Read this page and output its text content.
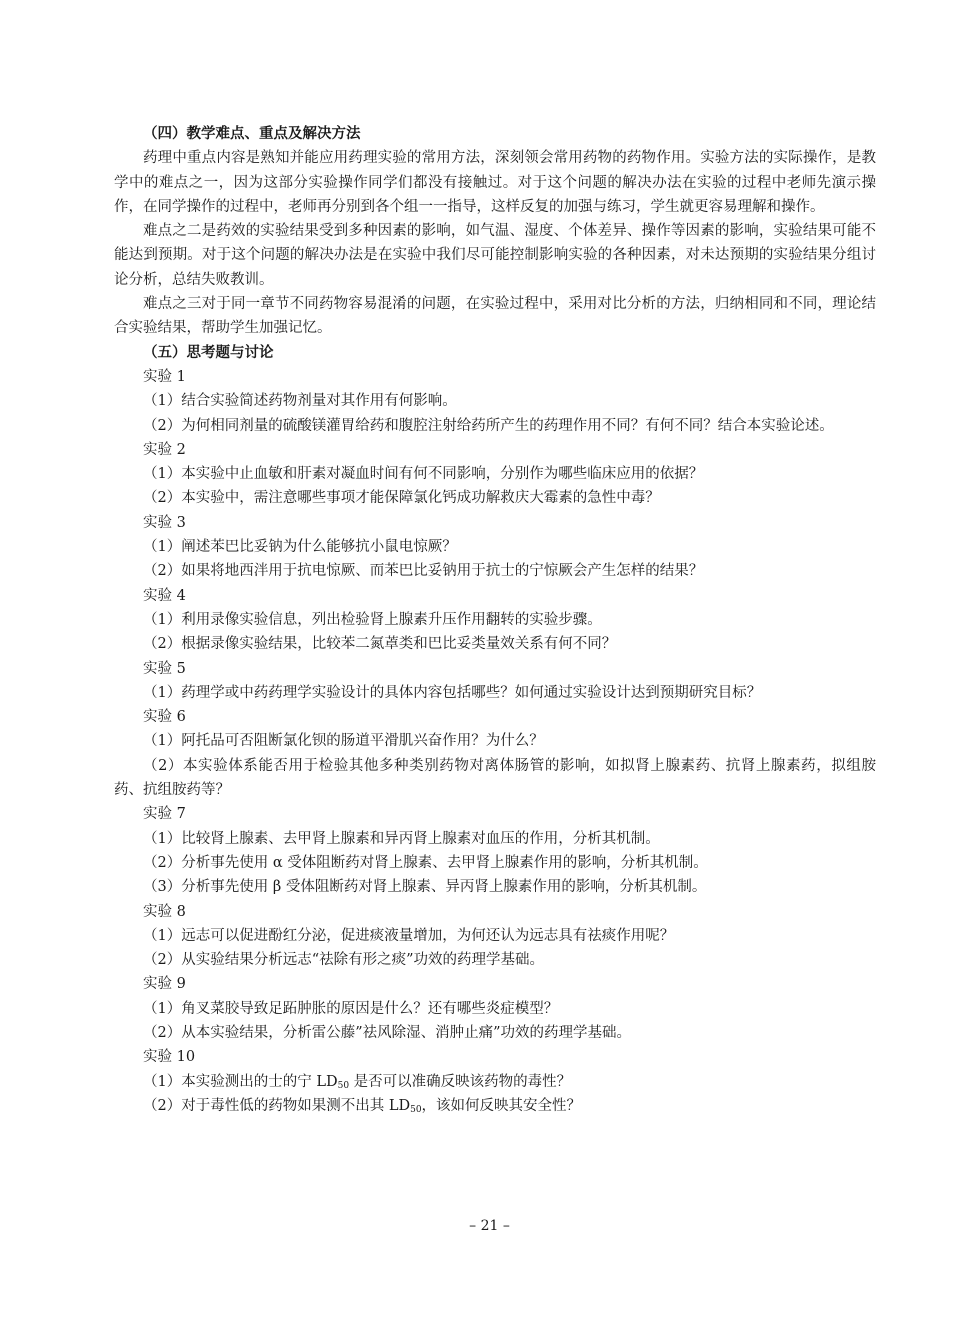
（四）教学难点、重点及解决方法

药理中重点内容是熟知并能应用药理实验的常用方法，深刻领会常用药物的药物作用。实验方法的实际操作，是教学中的难点之一，因为这部分实验操作同学们都没有接触过。对于这个问题的解决办法在实验的过程中老师先演示操作，在同学操作的过程中，老师再分别到各个组一一指导，这样反复的加强与练习，学生就更容易理解和操作。

难点之二是药效的实验结果受到多种因素的影响，如气温、湿度、个体差异、操作等因素的影响，实验结果可能不能达到预期。对于这个问题的解决办法是在实验中我们尽可能控制影响实验的各种因素，对未达预期的实验结果分组讨论分析，总结失败教训。

难点之三对于同一章节不同药物容易混淆的问题，在实验过程中，采用对比分析的方法，归纳相同和不同，理论结合实验结果，帮助学生加强记忆。

（五）思考题与讨论

实验 1

（1）结合实验简述药物剂量对其作用有何影响。

（2）为何相同剂量的硫酸镁灌胃给药和腹腔注射给药所产生的药理作用不同？有何不同？结合本实验论述。

实验 2

（1）本实验中止血敏和肝素对凝血时间有何不同影响，分别作为哪些临床应用的依据？

（2）本实验中，需注意哪些事项才能保障氯化钙成功解救庆大霉素的急性中毒？

实验 3

（1）阐述苯巴比妥钠为什么能够抗小鼠电惊厥？

（2）如果将地西泮用于抗电惊厥、而苯巴比妥钠用于抗士的宁惊厥会产生怎样的结果？

实验 4

（1）利用录像实验信息，列出检验肾上腺素升压作用翻转的实验步骤。

（2）根据录像实验结果，比较苯二氮䓬类和巴比妥类量效关系有何不同？

实验 5

（1）药理学或中药药理学实验设计的具体内容包括哪些？如何通过实验设计达到预期研究目标？

实验 6

（1）阿托品可否阻断氯化钡的肠道平滑肌兴奋作用？为什么？

（2）本实验体系能否用于检验其他多种类别药物对离体肠管的影响，如拟肾上腺素药、抗肾上腺素药，拟组胺药、抗组胺药等？

实验 7

（1）比较肾上腺素、去甲肾上腺素和异丙肾上腺素对血压的作用，分析其机制。

（2）分析事先使用 α 受体阻断药对肾上腺素、去甲肾上腺素作用的影响，分析其机制。

（3）分析事先使用 β 受体阻断药对肾上腺素、异丙肾上腺素作用的影响，分析其机制。

实验 8

（1）远志可以促进酚红分泌，促进痰液量增加，为何还认为远志具有祛痰作用呢？

（2）从实验结果分析远志“祛除有形之痰”功效的药理学基础。

实验 9

（1）角叉菜胶导致足跖肿胀的原因是什么？还有哪些炎症模型？

（2）从本实验结果，分析雷公藤”祛风除湿、消肿止痛”功效的药理学基础。

实验 10

（1）本实验测出的士的宁 $LD_{50}$ 是否可以准确反映该药物的毒性？

（2）对于毒性低的药物如果测不出其 $LD_{50}$，该如何反映其安全性？

– 21 –
